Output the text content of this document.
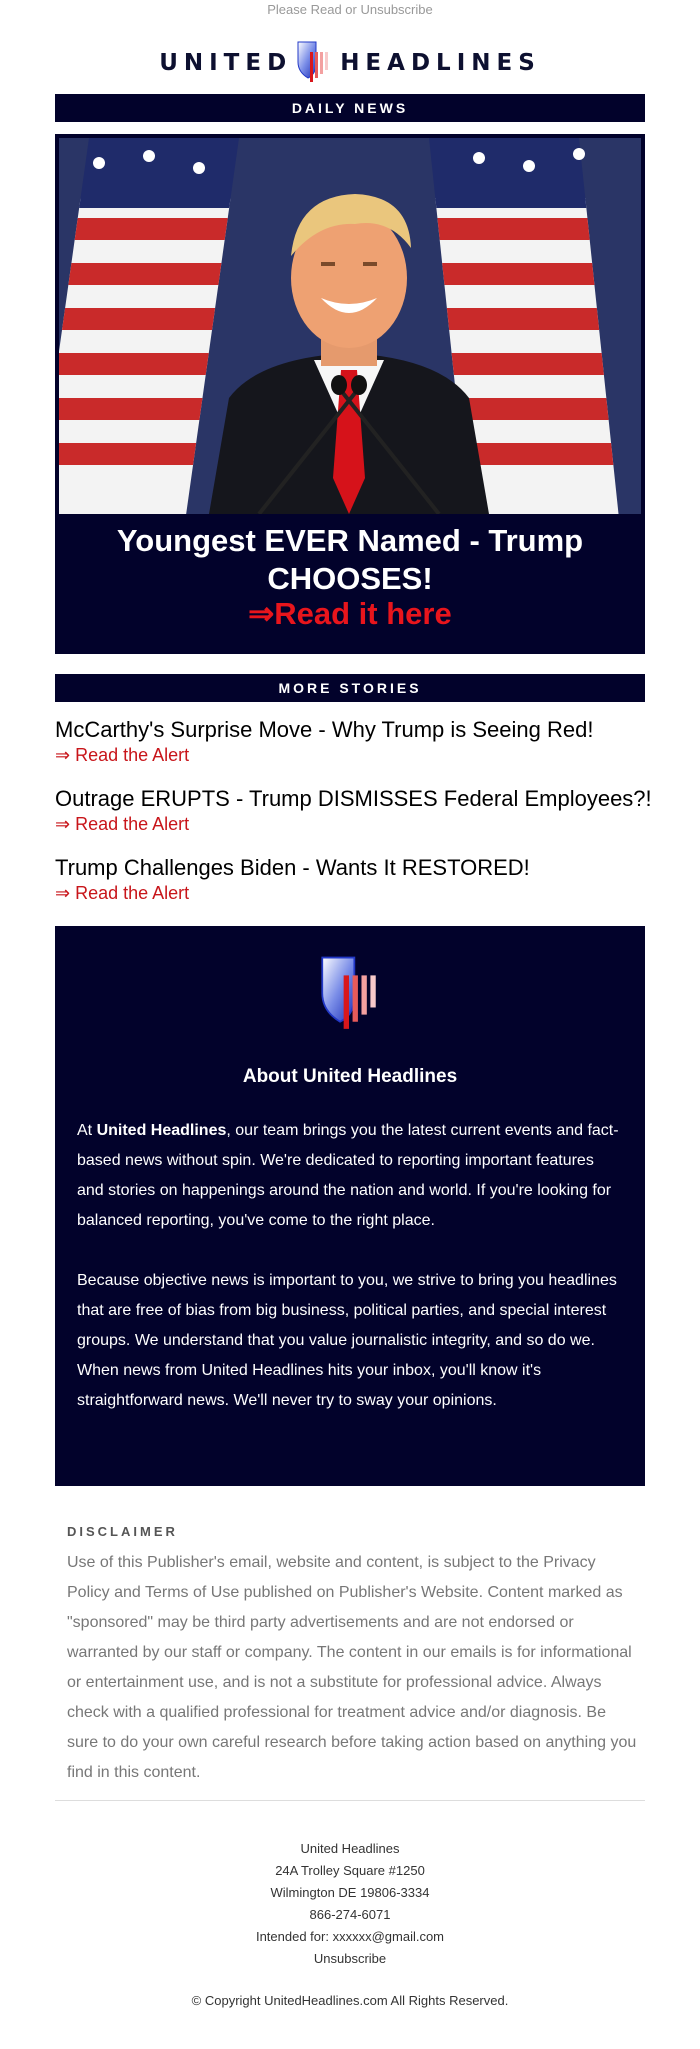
Please Read or Unsubscribe
UNITED HEADLINES
DAILY NEWS
Youngest EVER Named - Trump CHOOSES!
⇒Read it here
MORE STORIES
McCarthy's Surprise Move - Why Trump is Seeing Red!
⇒ Read the Alert
Outrage ERUPTS - Trump DISMISSES Federal Employees?!
⇒ Read the Alert
Trump Challenges Biden - Wants It RESTORED!
⇒ Read the Alert
About United Headlines

At United Headlines, our team brings you the latest current events and fact-based news without spin. We're dedicated to reporting important features and stories on happenings around the nation and world. If you're looking for balanced reporting, you've come to the right place.

Because objective news is important to you, we strive to bring you headlines that are free of bias from big business, political parties, and special interest groups. We understand that you value journalistic integrity, and so do we. When news from United Headlines hits your inbox, you'll know it's straightforward news. We'll never try to sway your opinions.

DISCLAIMER
Use of this Publisher's email, website and content, is subject to the Privacy Policy and Terms of Use published on Publisher's Website. Content marked as "sponsored" may be third party advertisements and are not endorsed or warranted by our staff or company. The content in our emails is for informational or entertainment use, and is not a substitute for professional advice. Always check with a qualified professional for treatment advice and/or diagnosis. Be sure to do your own careful research before taking action based on anything you find in this content.
United Headlines
24A Trolley Square #1250
Wilmington DE 19806-3334
866-274-6071
Intended for: xxxxxx@gmail.com
Unsubscribe
© Copyright UnitedHeadlines.com All Rights Reserved.
